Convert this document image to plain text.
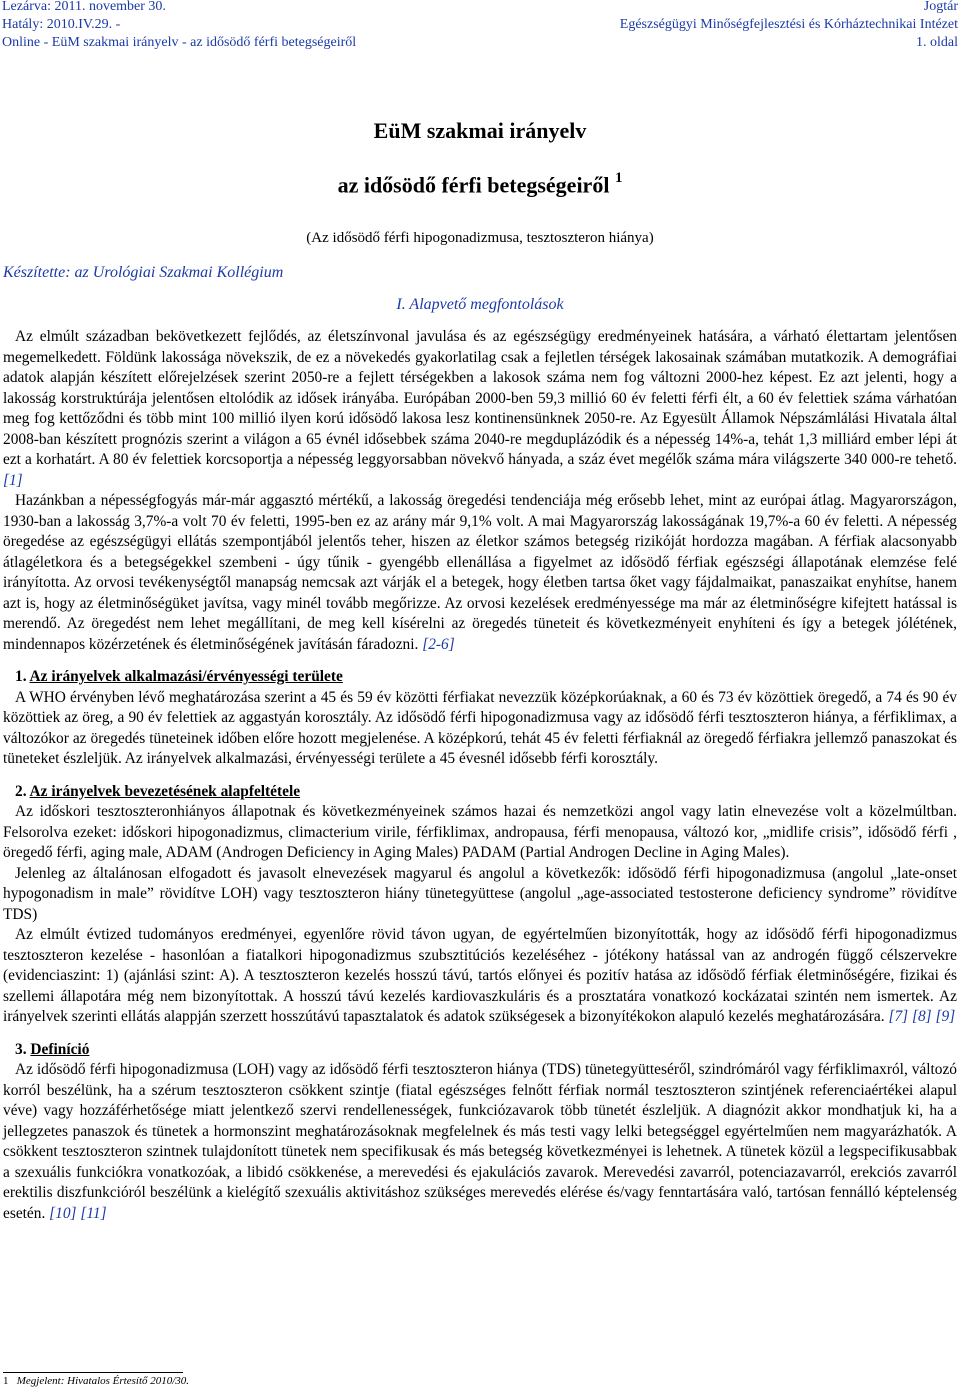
Lezárva: 2011. november 30.
Hatály: 2010.IV.29. -
Online - EüM szakmai irányelv - az idősödő férfi betegségeiről
Jogtár
Egészségügyi Minőségfejlesztési és Kórháztechnikai Intézet
1. oldal
EüM szakmai irányelv
az idősödő férfi betegségeiről $^1$
(Az idősödő férfi hipogonadizmusa, tesztoszteron hiánya)
Készítette: az Urológiai Szakmai Kollégium
I. Alapvető megfontolások

Az elmúlt században bekövetkezett fejlődés, az életszínvonal javulása és az egészségügy eredményeinek hatására, a várható élettartam jelentősen megemelkedett. Földünk lakossága növekszik, de ez a növekedés gyakorlatilag csak a fejletlen térségek lakosainak számában mutatkozik. A demográfiai adatok alapján készített előrejelzések szerint 2050-re a fejlett térségekben a lakosok száma nem fog változni 2000-hez képest. Ez azt jelenti, hogy a lakosság korstruktúrája jelentősen eltolódik az idősek irányába. Európában 2000-ben 59,3 millió 60 év feletti férfi élt, a 60 év felettiek száma várhatóan meg fog kettőződni és több mint 100 millió ilyen korú idősödő lakosa lesz kontinensünknek 2050-re. Az Egyesült Államok Népszámlálási Hivatala által 2008-ban készített prognózis szerint a világon a 65 évnél idősebbek száma 2040-re megduplázódik és a népesség 14%-a, tehát 1,3 milliárd ember lépi át ezt a korhatárt. A 80 év felettiek korcsoportja a népesség leggyorsabban növekvő hányada, a száz évet megélők száma mára világszerte 340 000-re tehető. [1]

Hazánkban a népességfogyás már-már aggasztó mértékű, a lakosság öregedési tendenciája még erősebb lehet, mint az európai átlag. Magyarországon, 1930-ban a lakosság 3,7%-a volt 70 év feletti, 1995-ben ez az arány már 9,1% volt. A mai Magyarország lakosságának 19,7%-a 60 év feletti. A népesség öregedése az egészségügyi ellátás szempontjából jelentős teher, hiszen az életkor számos betegség rizikóját hordozza magában. A férfiak alacsonyabb átlagéletkora és a betegségekkel szembeni - úgy tűnik - gyengébb ellenállása a figyelmet az idősödő férfiak egészségi állapotának elemzése felé irányította. Az orvosi tevékenységtől manapság nemcsak azt várják el a betegek, hogy életben tartsa őket vagy fájdalmaikat, panaszaikat enyhítse, hanem azt is, hogy az életminőségüket javítsa, vagy minél tovább megőrizze. Az orvosi kezelések eredményessége ma már az életminőségre kifejtett hatással is merendő. Az öregedést nem lehet megállítani, de meg kell kísérelni az öregedés tüneteit és következményeit enyhíteni és így a betegek jólétének, mindennapos közérzetének és életminőségének javításán fáradozni. [2-6]

1. Az irányelvek alkalmazási/érvényességi területe

A WHO érvényben lévő meghatározása szerint a 45 és 59 év közötti férfiakat nevezzük középkorúaknak, a 60 és 73 év közöttiek öregedő, a 74 és 90 év közöttiek az öreg, a 90 év felettiek az aggastyán korosztály. Az idősödő férfi hipogonadizmusa vagy az idősödő férfi tesztoszteron hiánya, a férfiklimax, a változókor az öregedés tüneteinek időben előre hozott megjelenése. A középkorú, tehát 45 év feletti férfiaknál az öregedő férfiakra jellemző panaszokat és tüneteket észleljük. Az irányelvek alkalmazási, érvényességi területe a 45 évesnél idősebb férfi korosztály.

2. Az irányelvek bevezetésének alapfeltétele

Az időskori tesztoszteronhiányos állapotnak és következményeinek számos hazai és nemzetközi angol vagy latin elnevezése volt a közelmúltban. Felsorolva ezeket: időskori hipogonadizmus, climacterium virile, férfiklimax, andropausa, férfi menopausa, változó kor, „midlife crisis”, idősödő férfi , öregedő férfi, aging male, ADAM (Androgen Deficiency in Aging Males) PADAM (Partial Androgen Decline in Aging Males).

Jelenleg az általánosan elfogadott és javasolt elnevezések magyarul és angolul a következők: idősödő férfi hipogonadizmusa (angolul „late-onset hypogonadism in male” rövidítve LOH) vagy tesztoszteron hiány tünetegyüttese (angolul „age-associated testosterone deficiency syndrome” rövidítve TDS)

Az elmúlt évtized tudományos eredményei, egyenlőre rövid távon ugyan, de egyértelműen bizonyították, hogy az idősödő férfi hipogonadizmus tesztoszteron kezelése - hasonlóan a fiatalkori hipogonadizmus szubsztitúciós kezeléséhez - jótékony hatással van az androgén függő célszervekre (evidenciaszint: 1) (ajánlási szint: A). A tesztoszteron kezelés hosszú távú, tartós előnyei és pozitív hatása az idősödő férfiak életminőségére, fizikai és szellemi állapotára még nem bizonyítottak. A hosszú távú kezelés kardiovaszkuláris és a prosztatára vonatkozó kockázatai szintén nem ismertek. Az irányelvek szerinti ellátás alappján szerzett hosszútávú tapasztalatok és adatok szükségesek a bizonyítékokon alapuló kezelés meghatározására. [7] [8] [9]

3. Definíció

Az idősödő férfi hipogonadizmusa (LOH) vagy az idősödő férfi tesztoszteron hiánya (TDS) tünetegyütteséről, szindrómáról vagy férfiklimaxról, változó korról beszélünk, ha a szérum tesztoszteron csökkent szintje (fiatal egészséges felnőtt férfiak normál tesztoszteron szintjének referenciaértékei alapul véve) vagy hozzáférhetősége miatt jelentkező szervi rendellenességek, funkciózavarok több tünetét észleljük. A diagnózit akkor mondhatjuk ki, ha a jellegzetes panaszok és tünetek a hormonszint meghatározásoknak megfelelnek és más testi vagy lelki betegséggel egyértelműen nem magyarázhatók. A csökkent tesztoszteron szintnek tulajdonított tünetek nem specifikusak és más betegség következményei is lehetnek. A tünetek közül a legspecifikusabbak a szexuális funkciókra vonatkozóak, a libidó csökkenése, a merevedési és ejakulációs zavarok. Merevedési zavarról, potenciazavarról, erekciós zavarról erektilis diszfunkcióról beszélünk a kielégítő szexuális aktivitáshoz szükséges merevedés elérése és/vagy fenntartására való, tartósan fennálló képtelenség esetén. [10] [11]

1 Megjelent: Hivatalos Értesítő 2010/30.
